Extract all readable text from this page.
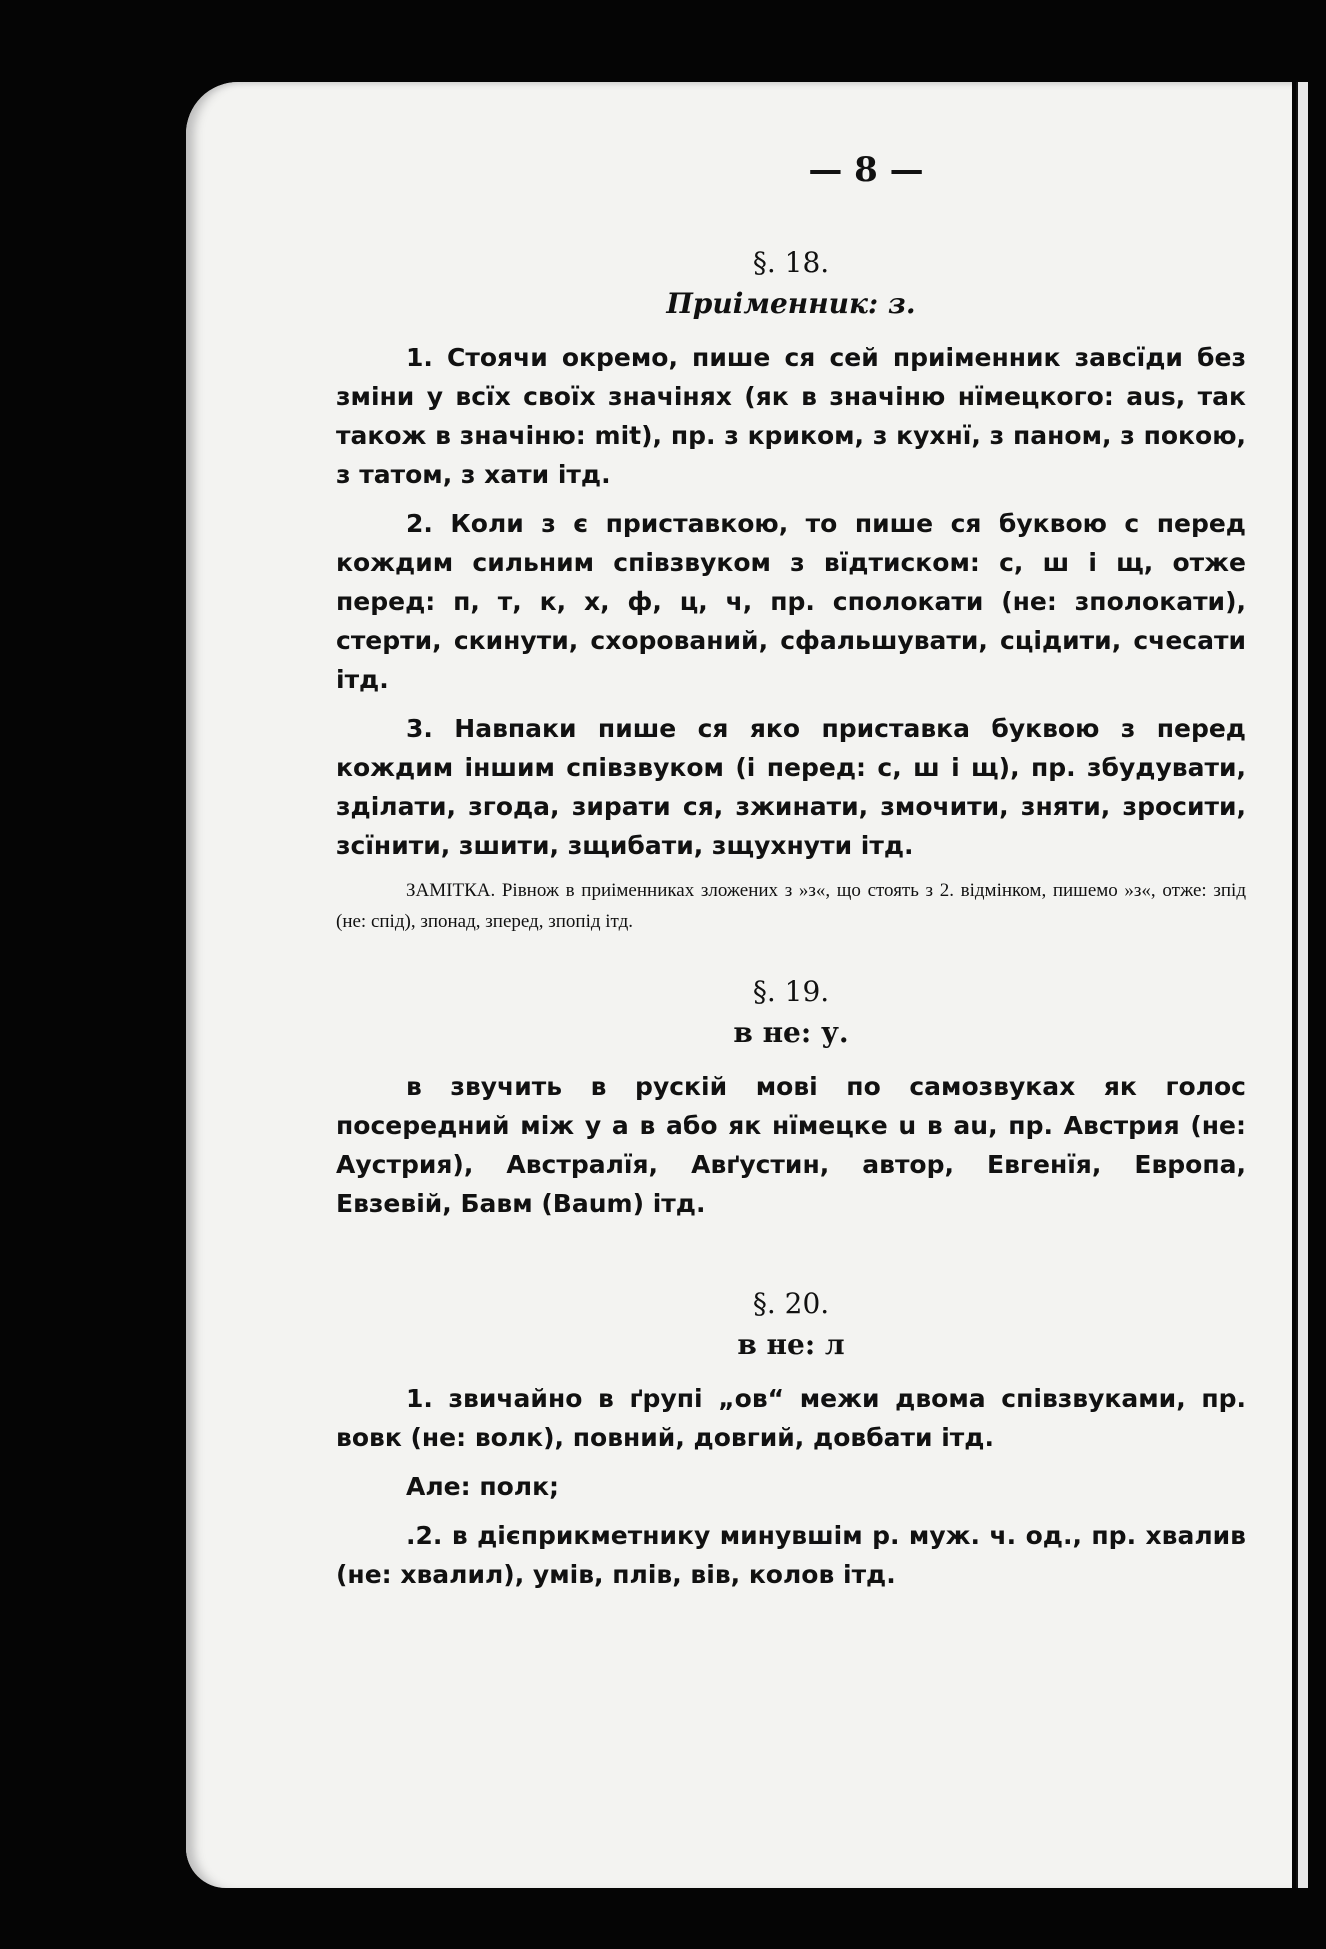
— 8 —
§. 18.
Приіменник: з.

1. Стоячи окремо, пише ся сей приіменник завсїди без зміни у всїх своїх значінях (як в значіню нїмецкого: aus, так також в значіню: mit), пр. з криком, з кухнї, з паном, з покою, з татом, з хати ітд.

2. Коли з є приставкою, то пише ся буквою с перед кождим сильним співзвуком з вїдтиском: с, ш і щ, отже перед: п, т, к, х, ф, ц, ч, пр. сполокати (не: зполокати), стерти, скинути, схорований, сфальшувати, сцідити, счесати ітд.

3. Навпаки пише ся яко приставка буквою з перед кождим іншим співзвуком (і перед: с, ш і щ), пр. збудувати, зділати, згода, зирати ся, зжинати, змочити, зняти, зросити, зсїнити, зшити, зщибати, зщухнути ітд.

ЗАМІТКА. Рівнож в приіменниках зложених з »з«, що стоять з 2. відмінком, пишемо »з«, отже: зпід (не: спід), зпонад, зперед, зпопід ітд.

§. 19.
в не: у.

в звучить в рускій мові по самозвуках як голос посередний між у а в або як нїмецке u в au, пр. Австрия (не: Аустрия), Австралїя, Авґустин, автор, Евгенїя, Европа, Евзевій, Бавм (Baum) ітд.

§. 20.
в не: л

1. звичайно в ґрупі „ов“ межи двома співзвуками, пр. вовк (не: волк), повний, довгий, довбати ітд.

Але: полк;

.2. в дієприкметнику минувшім р. муж. ч. од., пр. хвалив (не: хвалил), умів, плів, вів, колов ітд.
